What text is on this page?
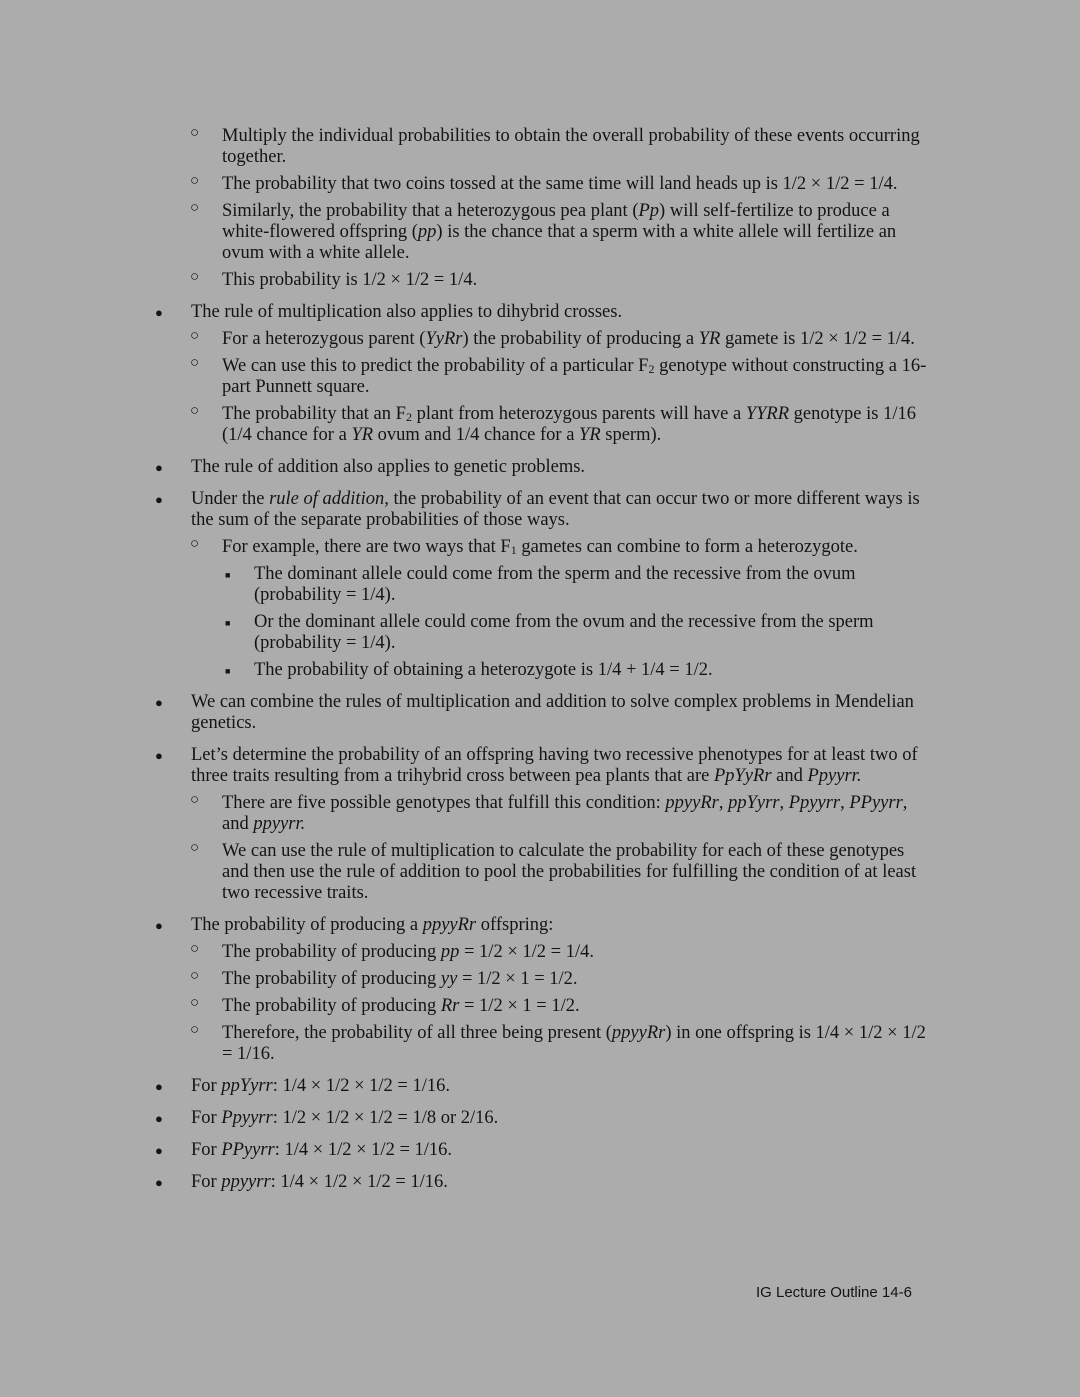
○ Multiply the individual probabilities to obtain the overall probability of these events occurring together.
○ The probability that two coins tossed at the same time will land heads up is 1/2 × 1/2 = 1/4.
○ Similarly, the probability that a heterozygous pea plant (Pp) will self-fertilize to produce a white-flowered offspring (pp) is the chance that a sperm with a white allele will fertilize an ovum with a white allele.
○ This probability is 1/2 × 1/2 = 1/4.
● The rule of multiplication also applies to dihybrid crosses.
○ For a heterozygous parent (YyRr) the probability of producing a YR gamete is 1/2 × 1/2 = 1/4.
○ We can use this to predict the probability of a particular $F_2$ genotype without constructing a 16-part Punnett square.
○ The probability that an $F_2$ plant from heterozygous parents will have a YYRR genotype is 1/16 (1/4 chance for a YR ovum and 1/4 chance for a YR sperm).
● The rule of addition also applies to genetic problems.
● Under the rule of addition, the probability of an event that can occur two or more different ways is the sum of the separate probabilities of those ways.
○ For example, there are two ways that $F_1$ gametes can combine to form a heterozygote.
■ The dominant allele could come from the sperm and the recessive from the ovum (probability = 1/4).
■ Or the dominant allele could come from the ovum and the recessive from the sperm (probability = 1/4).
■ The probability of obtaining a heterozygote is 1/4 + 1/4 = 1/2.
● We can combine the rules of multiplication and addition to solve complex problems in Mendelian genetics.
● Let’s determine the probability of an offspring having two recessive phenotypes for at least two of three traits resulting from a trihybrid cross between pea plants that are PpYyRr and Ppyyrr.
○ There are five possible genotypes that fulfill this condition: ppyyRr, ppYyrr, Ppyyrr, PPyyrr, and ppyyrr.
○ We can use the rule of multiplication to calculate the probability for each of these genotypes and then use the rule of addition to pool the probabilities for fulfilling the condition of at least two recessive traits.
● The probability of producing a ppyyRr offspring:
○ The probability of producing pp = 1/2 × 1/2 = 1/4.
○ The probability of producing yy = 1/2 × 1 = 1/2.
○ The probability of producing Rr = 1/2 × 1 = 1/2.
○ Therefore, the probability of all three being present (ppyyRr) in one offspring is 1/4 × 1/2 × 1/2 = 1/16.
● For ppYyrr: 1/4 × 1/2 × 1/2 = 1/16.
● For Ppyyrr: 1/2 × 1/2 × 1/2 = 1/8 or 2/16.
● For PPyyrr: 1/4 × 1/2 × 1/2 = 1/16.
● For ppyyrr: 1/4 × 1/2 × 1/2 = 1/16.
IG Lecture Outline 14-6
